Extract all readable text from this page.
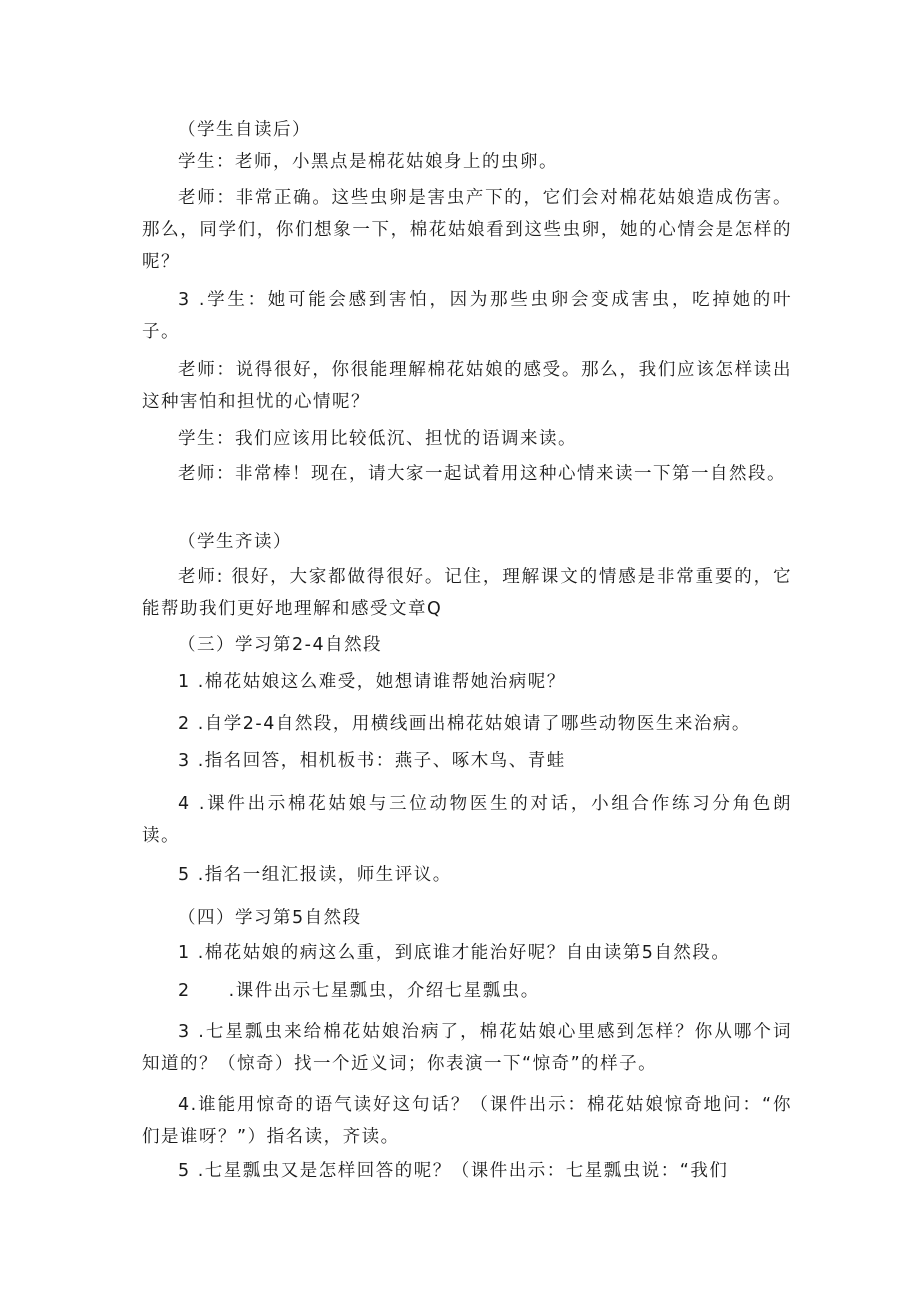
（学生自读后）
学生：老师，小黑点是棉花姑娘身上的虫卵。
老师：非常正确。这些虫卵是害虫产下的，它们会对棉花姑娘造成伤害。那么，同学们，你们想象一下，棉花姑娘看到这些虫卵，她的心情会是怎样的呢？
3 .学生：她可能会感到害怕，因为那些虫卵会变成害虫，吃掉她的叶子。
老师：说得很好，你很能理解棉花姑娘的感受。那么，我们应该怎样读出这种害怕和担忧的心情呢？
学生：我们应该用比较低沉、担忧的语调来读。
老师：非常棒！现在，请大家一起试着用这种心情来读一下第一自然段。
（学生齐读）
老师: 很好，大家都做得很好。记住，理解课文的情感是非常重要的，它能帮助我们更好地理解和感受文章Q
（三）学习第2-4自然段
1 .棉花姑娘这么难受，她想请谁帮她治病呢？
2 .自学2-4自然段，用横线画出棉花姑娘请了哪些动物医生来治病。
3 .指名回答，相机板书：燕子、啄木鸟、青蛙
4 .课件出示棉花姑娘与三位动物医生的对话，小组合作练习分角色朗读。
5 .指名一组汇报读，师生评议。
（四）学习第5自然段
1 .棉花姑娘的病这么重，到底谁才能治好呢？自由读第5自然段。
2　　.课件出示七星瓢虫，介绍七星瓢虫。
3 .七星瓢虫来给棉花姑娘治病了，棉花姑娘心里感到怎样？你从哪个词知道的？（惊奇）找一个近义词；你表演一下“惊奇”的样子。
4.谁能用惊奇的语气读好这句话？（课件出示：棉花姑娘惊奇地问：“你们是谁呀？”）指名读，齐读。
5 .七星瓢虫又是怎样回答的呢？（课件出示：七星瓢虫说：“我们
